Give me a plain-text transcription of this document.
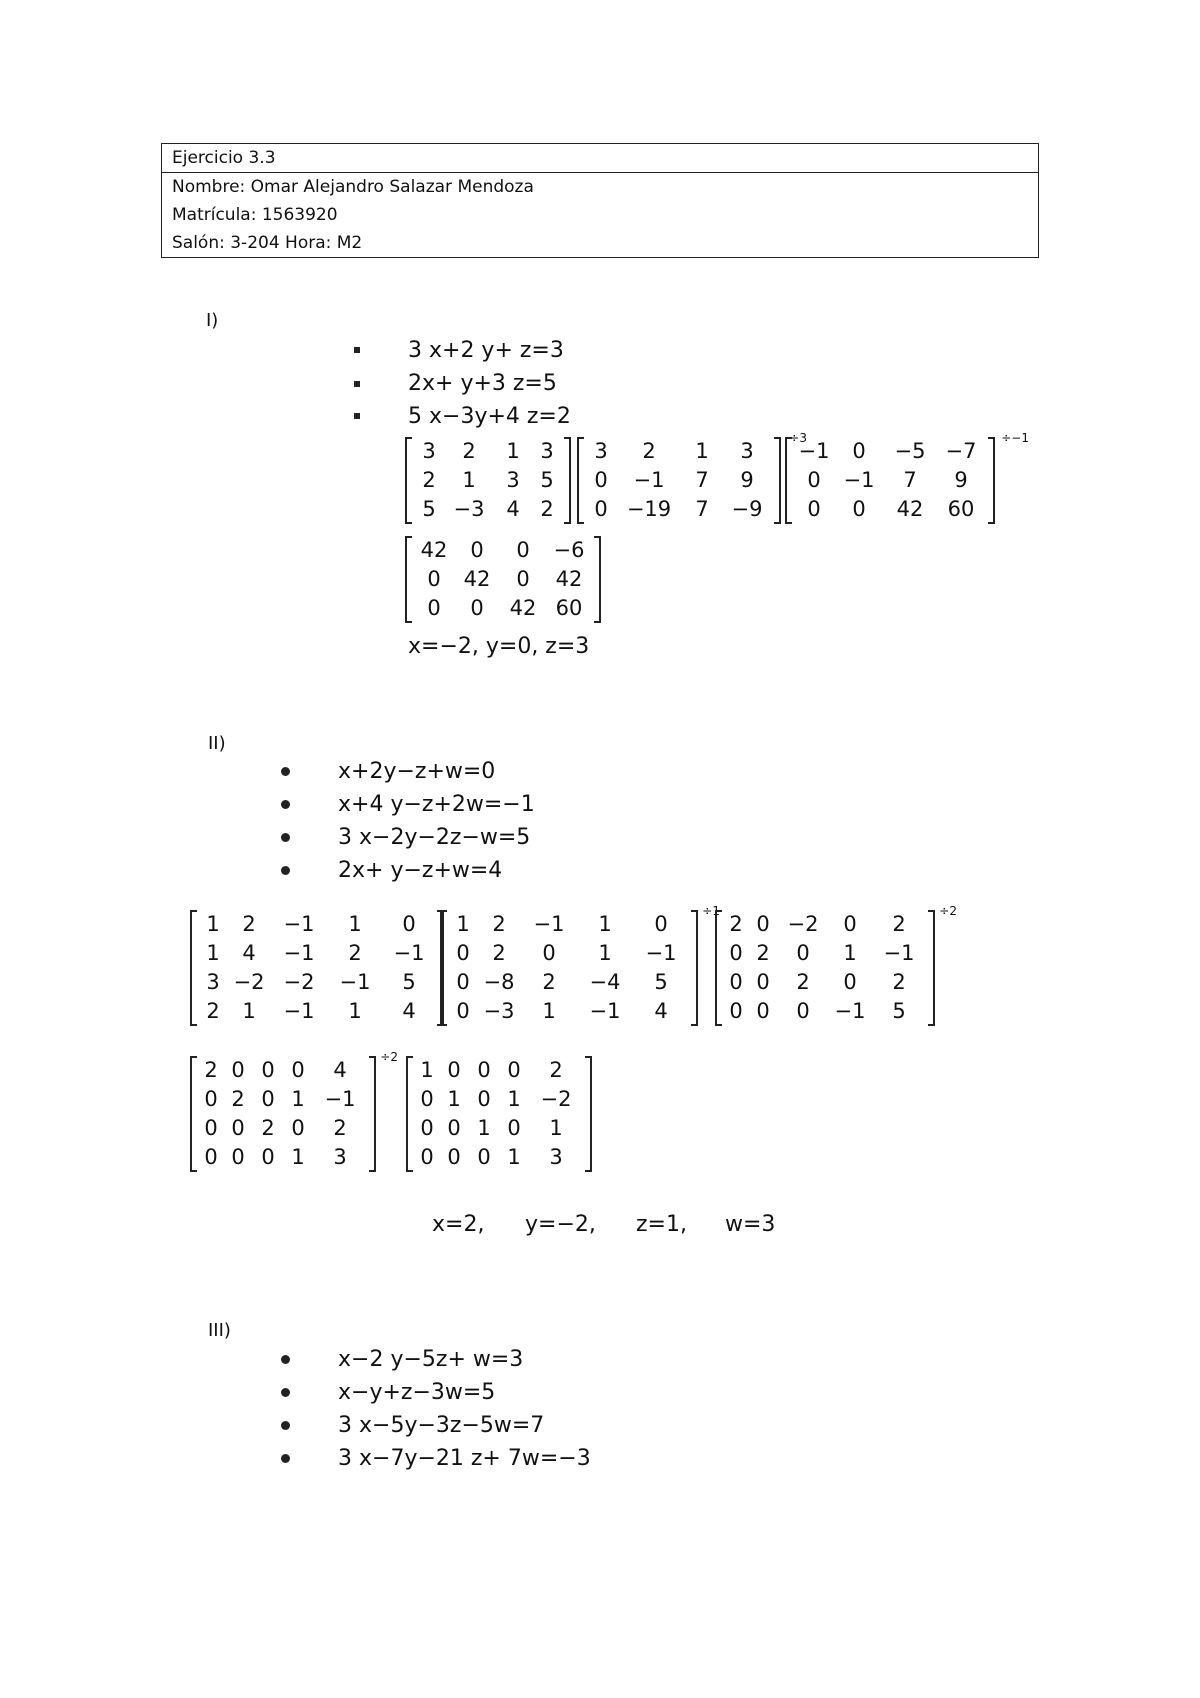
Ejercicio 3.3
Nombre: Omar Alejandro Salazar Mendoza
Matrícula: 1563920
Salón: 3-204 Hora: M2
I)
3 x+2 y+ z=3
2x+ y+3 z=5
5 x−3y+4 z=2
3	2	1	3
2	1	3	5
5	−3	4	2
3	2	1	3
0	−1	7	9
0	−19	7	−9
÷3
−1	0	−5	−7
0	−1	7	9
0	0	42	60
÷−1
42	0	0	−6
0	42	0	42
0	0	42	60
x=−2, y=0, z=3
II)
x+2y−z+w=0
x+4 y−z+2w=−1
3 x−2y−2z−w=5
2x+ y−z+w=4
1	2	−1	1	0
1	4	−1	2	−1
3	−2	−2	−1	5
2	1	−1	1	4
1	2	−1	1	0
0	2	0	1	−1
0	−8	2	−4	5
0	−3	1	−1	4
÷1
2	0	−2	0	2
0	2	0	1	−1
0	0	2	0	2
0	0	0	−1	5
÷2
2	0	0	0	4
0	2	0	1	−1
0	0	2	0	2
0	0	0	1	3
÷2
1	0	0	0	2
0	1	0	1	−2
0	0	1	0	1
0	0	0	1	3
x=2, y=−2, z=1, w=3
III)
x−2 y−5z+ w=3
x−y+z−3w=5
3 x−5y−3z−5w=7
3 x−7y−21 z+ 7w=−3
